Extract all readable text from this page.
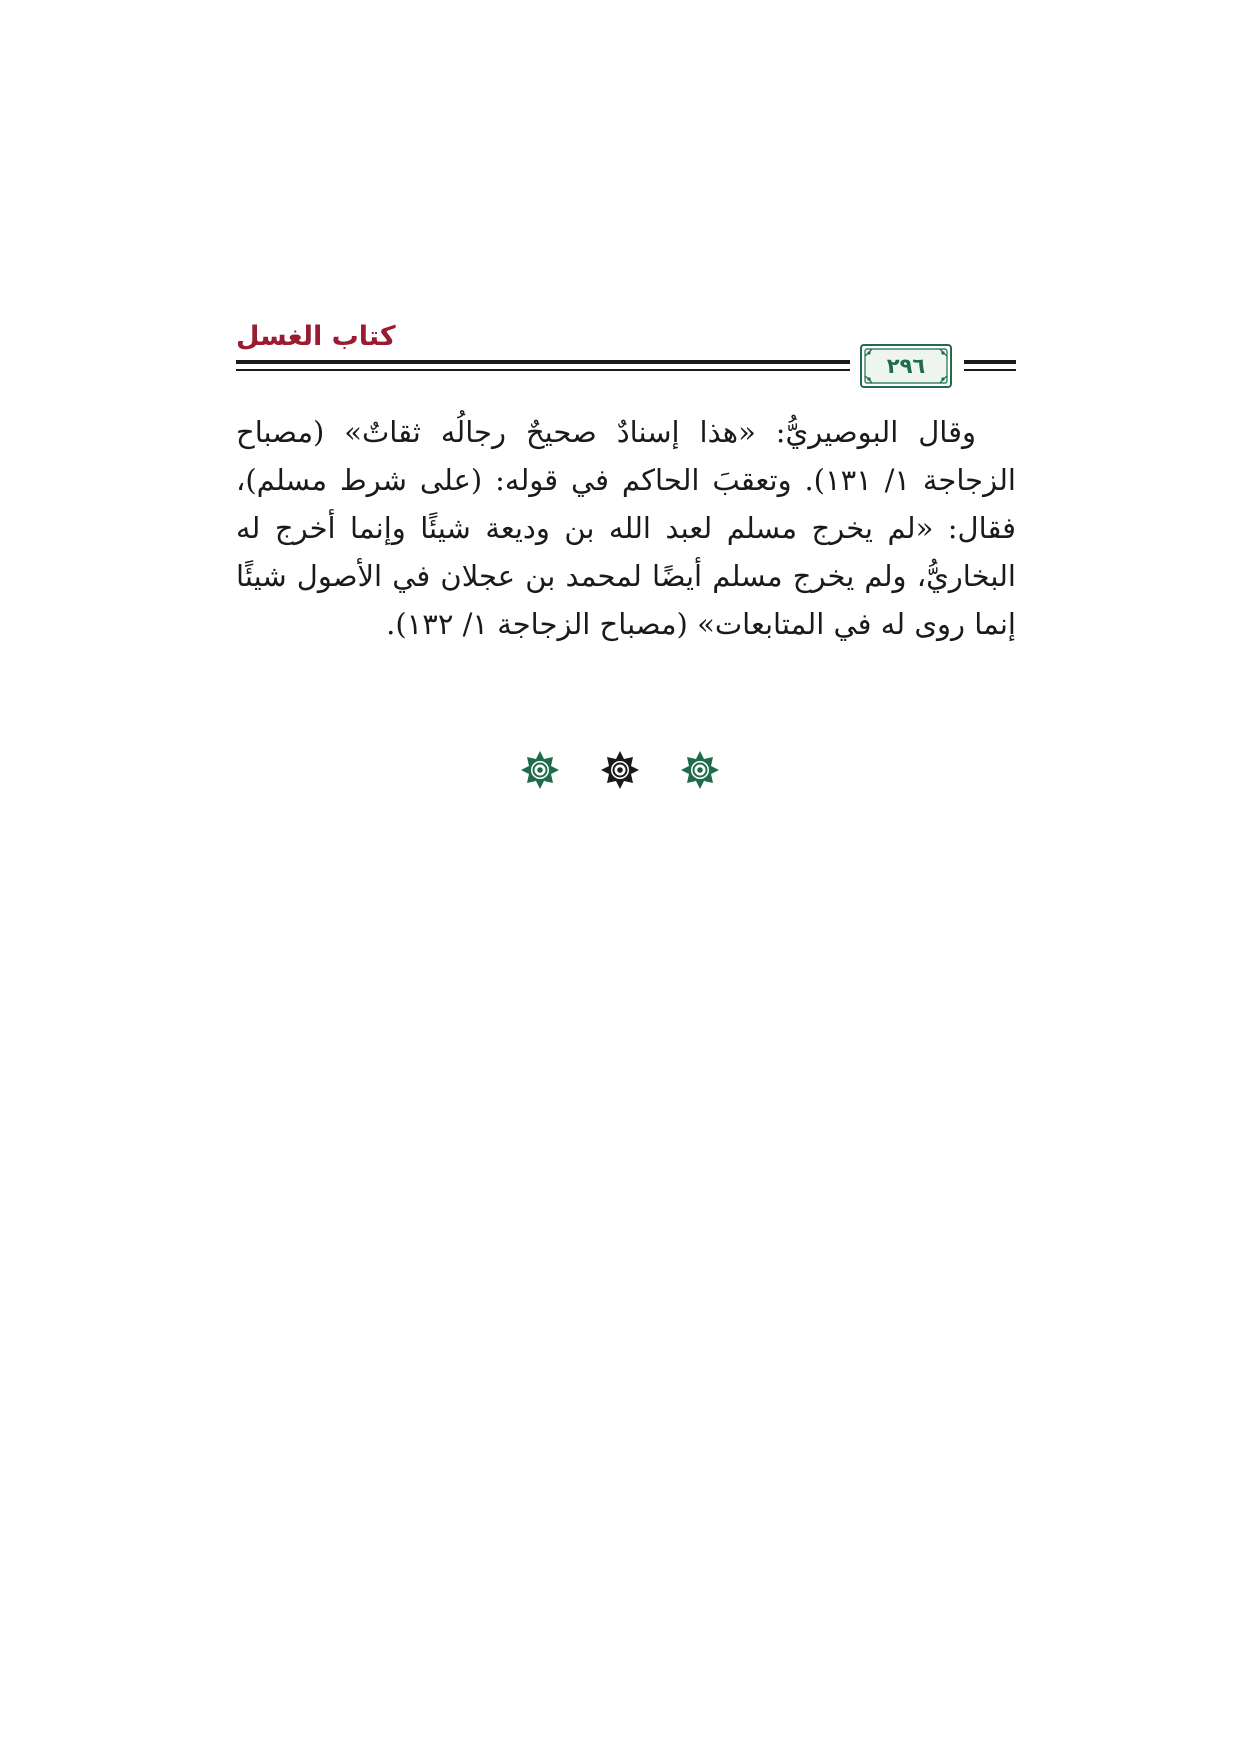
كتاب الغسل
٢٩٦

وقال البوصيريُّ: «هذا إسنادٌ صحيحٌ رجالُه ثقاتٌ» (مصباح الزجاجة ١/ ١٣١). وتعقبَ الحاكم في قوله: (على شرط مسلم)، فقال: «لم يخرج مسلم لعبد الله بن وديعة شيئًا وإنما أخرج له البخاريُّ، ولم يخرج مسلم أيضًا لمحمد بن عجلان في الأصول شيئًا إنما روى له في المتابعات» (مصباح الزجاجة ١/ ١٣٢).
